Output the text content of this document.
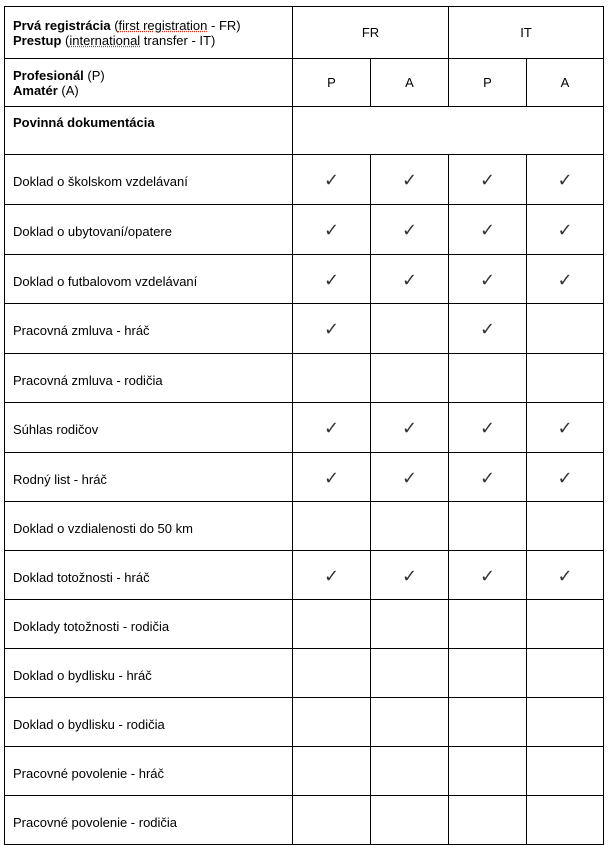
Prvá registrácia (first registration - FR)
Prestup (international transfer - IT)	FR		IT	

Profesionál (P)
Amatér (A)	P	A	P	A

Povinná dokumentácia				

Doklad o školskom vzdelávaní	✓	✓	✓	✓
Doklad o ubytovaní/opatere	✓	✓	✓	✓
Doklad o futbalovom vzdelávaní	✓	✓	✓	✓
Pracovná zmluva - hráč	✓		✓	
Pracovná zmluva - rodičia				
Súhlas rodičov	✓	✓	✓	✓
Rodný list - hráč	✓	✓	✓	✓
Doklad o vzdialenosti do 50 km				
Doklad totožnosti - hráč	✓	✓	✓	✓
Doklady totožnosti - rodičia				
Doklad o bydlisku - hráč				
Doklad o bydlisku - rodičia				
Pracovné povolenie - hráč				
Pracovné povolenie - rodičia				
